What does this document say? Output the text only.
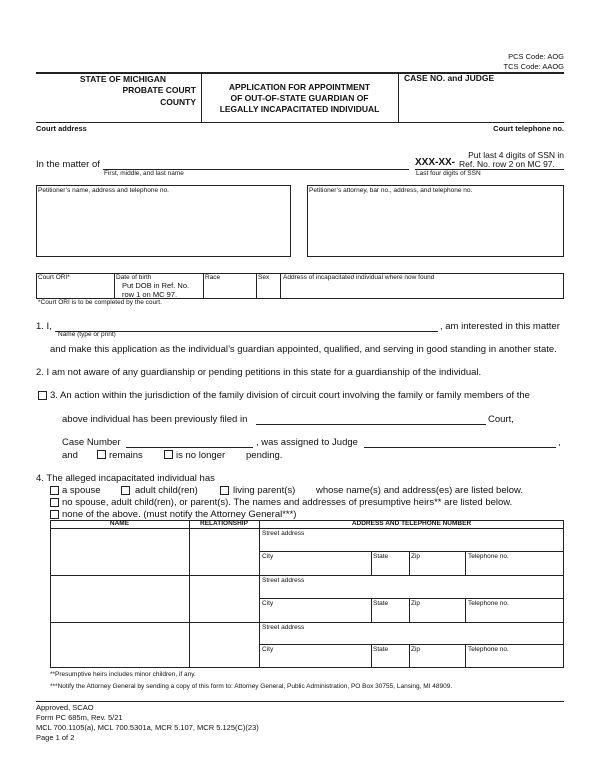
PCS Code: AOG
TCS Code: AAOG
STATE OF MICHIGAN
PROBATE COURT
COUNTY
APPLICATION FOR APPOINTMENT
OF OUT-OF-STATE GUARDIAN OF
LEGALLY INCAPACITATED INDIVIDUAL
CASE NO. and JUDGE
Court address	Court telephone no.
In the matter of
First, middle, and last name
Put last 4 digits of SSN in
XXX-XX- Ref. No. row 2 on MC 97.
Last four digits of SSN
Petitioner’s name, address and telephone no.	Petitioner’s attorney, bar no., address, and telephone no.
Court ORI*	Date of birth
Put DOB in Ref. No.
row 1 on MC 97.
Race	Sex Address of incapacitated individual where now found
*Court ORI is to be completed by the court.
1. I,	, am interested in this matter
Name (type or print)
and make this application as the individual’s guardian appointed, qualified, and serving in good standing in another state.
2. I am not aware of any guardianship or pending petitions in this state for a guardianship of the individual.
3. An action within the jurisdiction of the family division of circuit court involving the family or family members of the
above individual has been previously filed in	Court,
Case Number	, was assigned to Judge	,
and	remains	is no longer pending.
4. The alleged incapacitated individual has
a spouse	adult child(ren)	living parent(s) whose name(s) and address(es) are listed below.
no spouse, adult child(ren), or parent(s). The names and addresses of presumptive heirs** are listed below.
none of the above. (must notify the Attorney General***)
NAME	RELATIONSHIP	ADDRESS AND TELEPHONE NUMBER
Street address
City	State	Zip	Telephone no.
Street address
City	State	Zip	Telephone no.
Street address
City	State	Zip	Telephone no.
**Presumptive heirs includes minor children, if any.
***Notify the Attorney General by sending a copy of this form to: Attorney General, Public Administration, PO Box 30755, Lansing, MI 48909.
Approved, SCAO
Form PC 685m, Rev. 5/21
MCL 700.1105(a), MCL 700.5301a, MCR 5.107, MCR 5.125(C)(23)
Page 1 of 2
